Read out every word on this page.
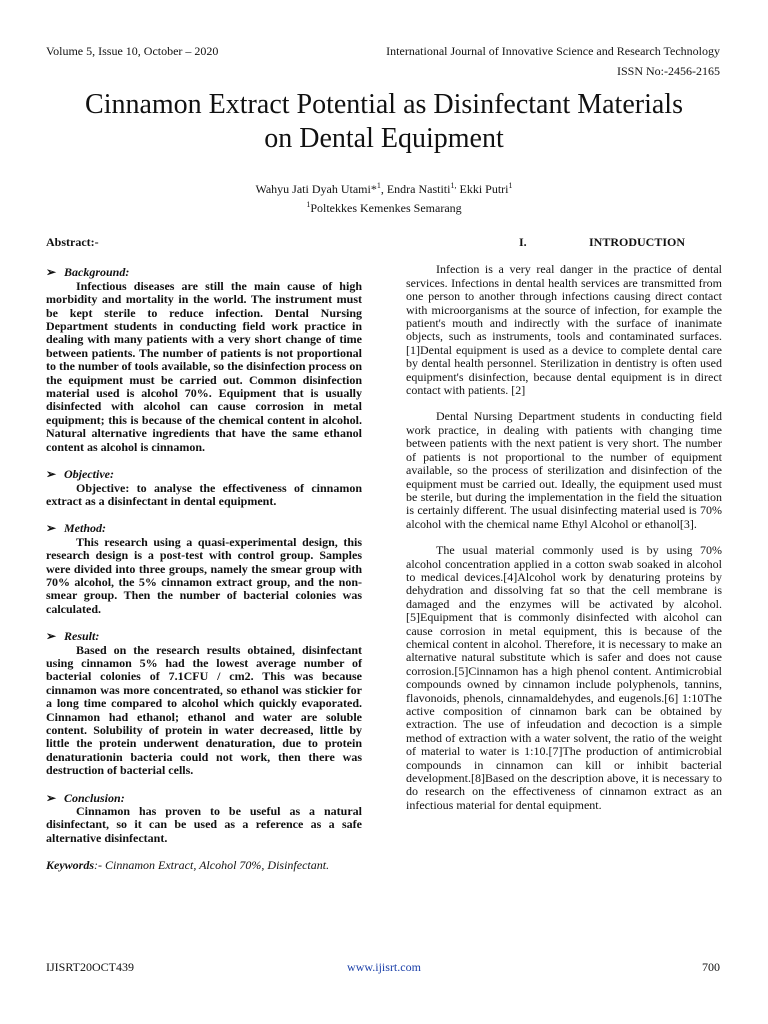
Volume 5, Issue 10, October – 2020	International Journal of Innovative Science and Research Technology
ISSN No:-2456-2165
Cinnamon Extract Potential as Disinfectant Materials
on Dental Equipment
Wahyu Jati Dyah Utami*$^1$, Endra Nastiti$^{1,}$ Ekki Putri$^1$
$^1$Poltekkes Kemenkes Semarang

Abstract:-

➢ Background:

Infectious diseases are still the main cause of high morbidity and mortality in the world. The instrument must be kept sterile to reduce infection. Dental Nursing Department students in conducting field work practice in dealing with many patients with a very short change of time between patients. The number of patients is not proportional to the number of tools available, so the disinfection process on the equipment must be carried out. Common disinfection material used is alcohol 70%. Equipment that is usually disinfected with alcohol can cause corrosion in metal equipment; this is because of the chemical content in alcohol. Natural alternative ingredients that have the same ethanol content as alcohol is cinnamon.

➢ Objective:

Objective: to analyse the effectiveness of cinnamon extract as a disinfectant in dental equipment.

➢ Method:

This research using a quasi-experimental design, this research design is a post-test with control group. Samples were divided into three groups, namely the smear group with 70% alcohol, the 5% cinnamon extract group, and the non-smear group. Then the number of bacterial colonies was calculated.

➢ Result:

Based on the research results obtained, disinfectant using cinnamon 5% had the lowest average number of bacterial colonies of 7.1CFU / cm2. This was because cinnamon was more concentrated, so ethanol was stickier for a long time compared to alcohol which quickly evaporated. Cinnamon had ethanol; ethanol and water are soluble content. Solubility of protein in water decreased, little by little the protein underwent denaturation, due to protein denaturationin bacteria could not work, then there was destruction of bacterial cells.

➢ Conclusion:

Cinnamon has proven to be useful as a natural disinfectant, so it can be used as a reference as a safe alternative disinfectant.

Keywords:- Cinnamon Extract, Alcohol 70%, Disinfectant.

I.	INTRODUCTION

Infection is a very real danger in the practice of dental services. Infections in dental health services are transmitted from one person to another through infections causing direct contact with microorganisms at the source of infection, for example the patient's mouth and indirectly with the surface of inanimate objects, such as instruments, tools and contaminated surfaces.[1]Dental equipment is used as a device to complete dental care by dental health personnel. Sterilization in dentistry is often used equipment's disinfection, because dental equipment is in direct contact with patients. [2]

Dental Nursing Department students in conducting field work practice, in dealing with patients with changing time between patients with the next patient is very short. The number of patients is not proportional to the number of equipment available, so the process of sterilization and disinfection of the equipment must be carried out. Ideally, the equipment used must be sterile, but during the implementation in the field the situation is certainly different. The usual disinfecting material used is 70% alcohol with the chemical name Ethyl Alcohol or ethanol[3].

The usual material commonly used is by using 70% alcohol concentration applied in a cotton swab soaked in alcohol to medical devices.[4]Alcohol work by denaturing proteins by dehydration and dissolving fat so that the cell membrane is damaged and the enzymes will be activated by alcohol.[5]Equipment that is commonly disinfected with alcohol can cause corrosion in metal equipment, this is because of the chemical content in alcohol. Therefore, it is necessary to make an alternative natural substitute which is safer and does not cause corrosion.[5]Cinnamon has a high phenol content. Antimicrobial compounds owned by cinnamon include polyphenols, tannins, flavonoids, phenols, cinnamaldehydes, and eugenols.[6] 1:10The active composition of cinnamon bark can be obtained by extraction. The use of infeudation and decoction is a simple method of extraction with a water solvent, the ratio of the weight of material to water is 1:10.[7]The production of antimicrobial compounds in cinnamon can kill or inhibit bacterial development.[8]Based on the description above, it is necessary to do research on the effectiveness of cinnamon extract as an infectious material for dental equipment.

IJISRT20OCT439	www.ijisrt.com	700
